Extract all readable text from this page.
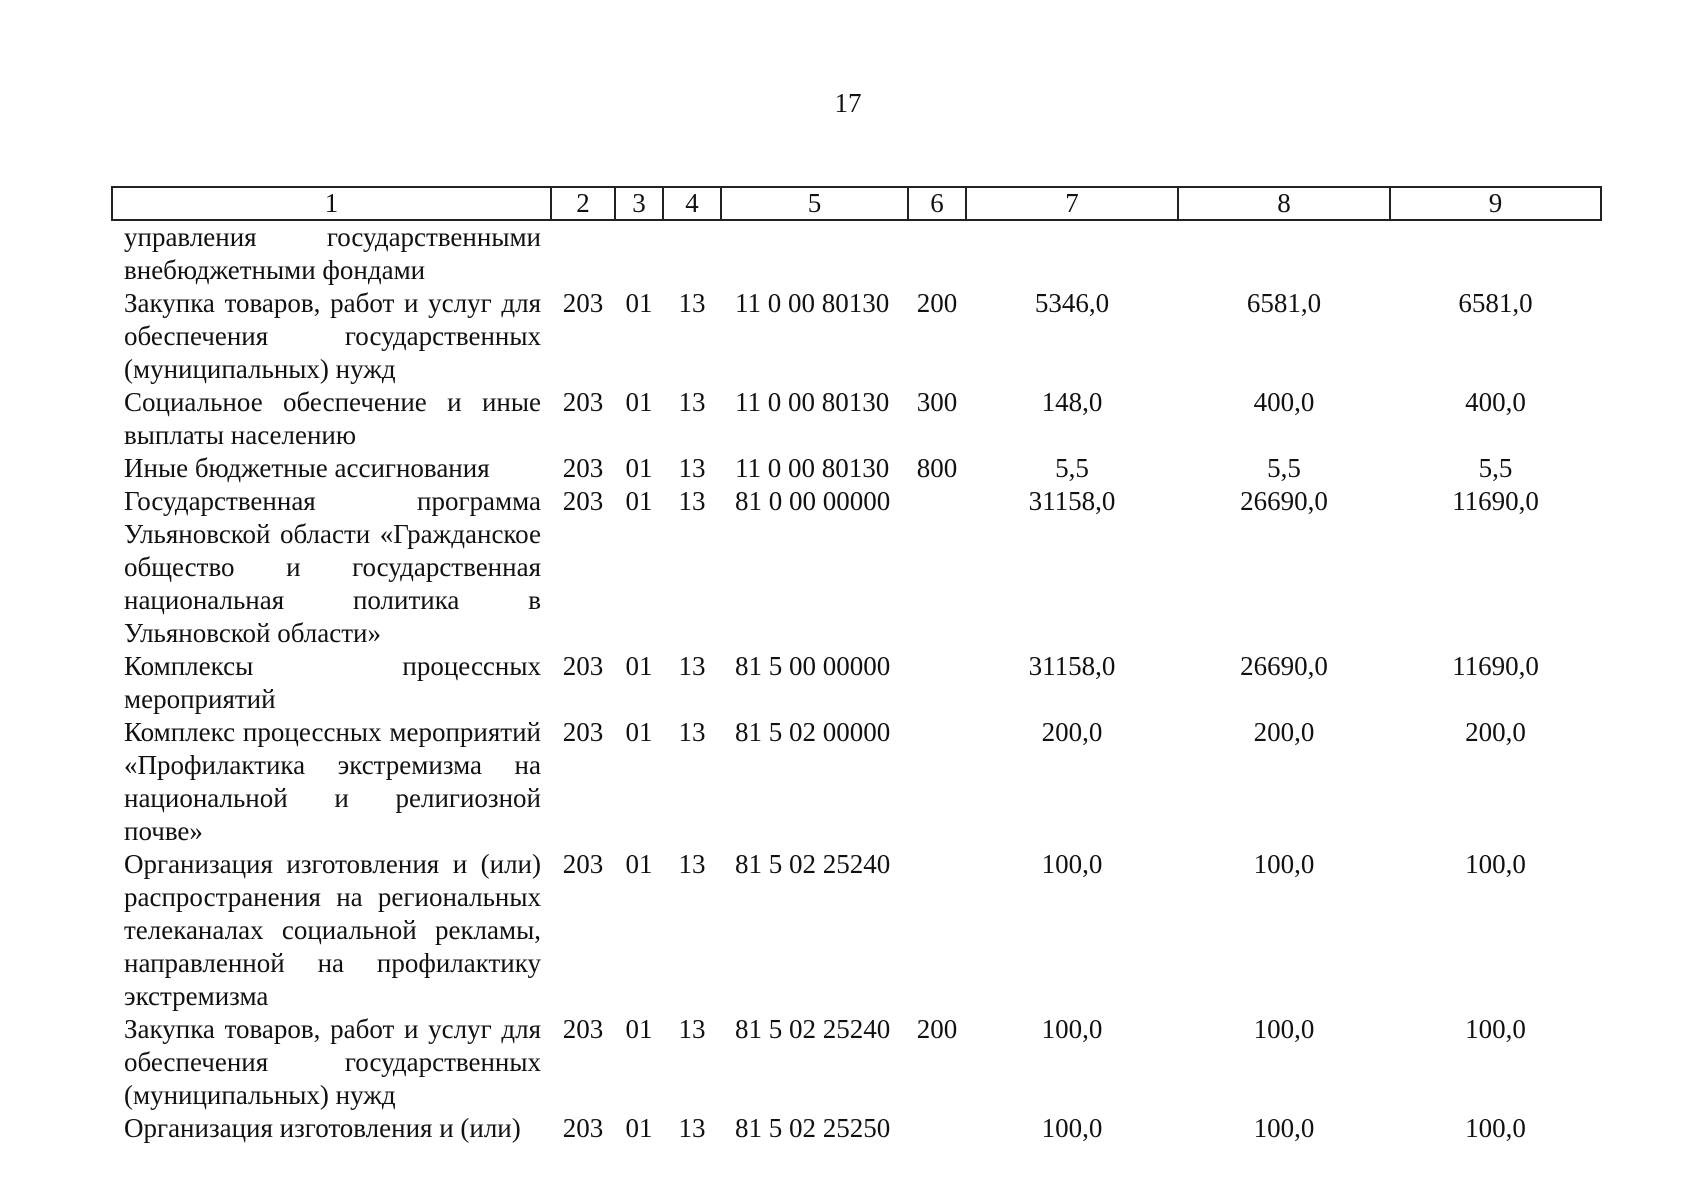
17
1	2	3	4	5	6	7	8	9
управления государственными внебюджетными фондами								
Закупка товаров, работ и услуг для обеспечения государственных (муниципальных) нужд	203	01	13	11 0 00 80130	200	5346,0	6581,0	6581,0
Социальное обеспечение и иные выплаты населению	203	01	13	11 0 00 80130	300	148,0	400,0	400,0
Иные бюджетные ассигнования	203	01	13	11 0 00 80130	800	5,5	5,5	5,5
Государственная программа Ульяновской области «Гражданское общество и государственная национальная политика в Ульяновской области»	203	01	13	81 0 00 00000		31158,0	26690,0	11690,0
Комплексы процессных мероприятий	203	01	13	81 5 00 00000		31158,0	26690,0	11690,0
Комплекс процессных мероприятий «Профилактика экстремизма на национальной и религиозной почве»	203	01	13	81 5 02 00000		200,0	200,0	200,0
Организация изготовления и (или) распространения на региональных телеканалах социальной рекламы, направленной на профилактику экстремизма	203	01	13	81 5 02 25240		100,0	100,0	100,0
Закупка товаров, работ и услуг для обеспечения государственных (муниципальных) нужд	203	01	13	81 5 02 25240	200	100,0	100,0	100,0
Организация изготовления и (или)	203	01	13	81 5 02 25250		100,0	100,0	100,0
